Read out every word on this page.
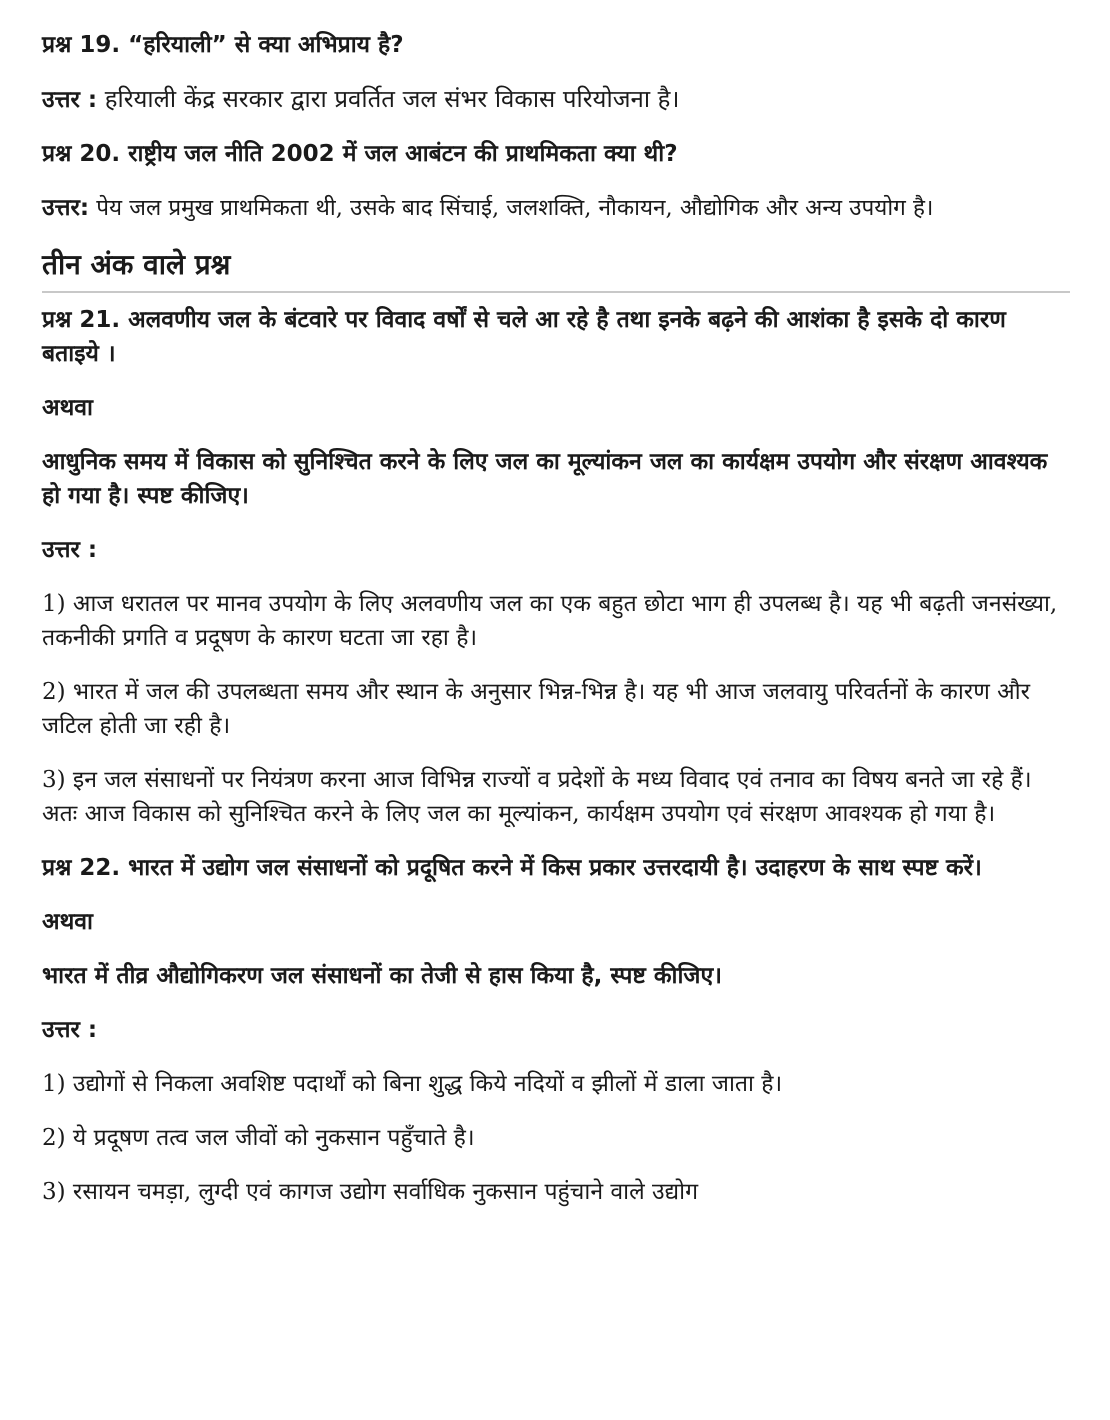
प्रश्न 19. “हरियाली” से क्या अभिप्राय है?

उत्तर : हरियाली केंद्र सरकार द्वारा प्रवर्तित जल संभर विकास परियोजना है।

प्रश्न 20. राष्ट्रीय जल नीति 2002 में जल आबंटन की प्राथमिकता क्या थी?

उत्तर: पेय जल प्रमुख प्राथमिकता थी, उसके बाद सिंचाई, जलशक्ति, नौकायन, औद्योगिक और अन्य उपयोग है।

तीन अंक वाले प्रश्न

प्रश्न 21. अलवणीय जल के बंटवारे पर विवाद वर्षों से चले आ रहे है तथा इनके बढ़ने की आशंका है इसके दो कारण बताइये ।

अथवा

आधुनिक समय में विकास को सुनिश्चित करने के लिए जल का मूल्यांकन जल का कार्यक्षम उपयोग और संरक्षण आवश्यक हो गया है। स्पष्ट कीजिए।

उत्तर :

1) आज धरातल पर मानव उपयोग के लिए अलवणीय जल का एक बहुत छोटा भाग ही उपलब्ध है। यह भी बढ़ती जनसंख्या, तकनीकी प्रगति व प्रदूषण के कारण घटता जा रहा है।

2) भारत में जल की उपलब्धता समय और स्थान के अनुसार भिन्न-भिन्न है। यह भी आज जलवायु परिवर्तनों के कारण और जटिल होती जा रही है।

3) इन जल संसाधनों पर नियंत्रण करना आज विभिन्न राज्यों व प्रदेशों के मध्य विवाद एवं तनाव का विषय बनते जा रहे हैं। अतः आज विकास को सुनिश्चित करने के लिए जल का मूल्यांकन, कार्यक्षम उपयोग एवं संरक्षण आवश्यक हो गया है।

प्रश्न 22. भारत में उद्योग जल संसाधनों को प्रदूषित करने में किस प्रकार उत्तरदायी है। उदाहरण के साथ स्पष्ट करें।

अथवा

भारत में तीव्र औद्योगिकरण जल संसाधनों का तेजी से हास किया है, स्पष्ट कीजिए।

उत्तर :

1) उद्योगों से निकला अवशिष्ट पदार्थों को बिना शुद्ध किये नदियों व झीलों में डाला जाता है।

2) ये प्रदूषण तत्व जल जीवों को नुकसान पहुँचाते है।

3) रसायन चमड़ा, लुग्दी एवं कागज उद्योग सर्वाधिक नुकसान पहुंचाने वाले उद्योग
